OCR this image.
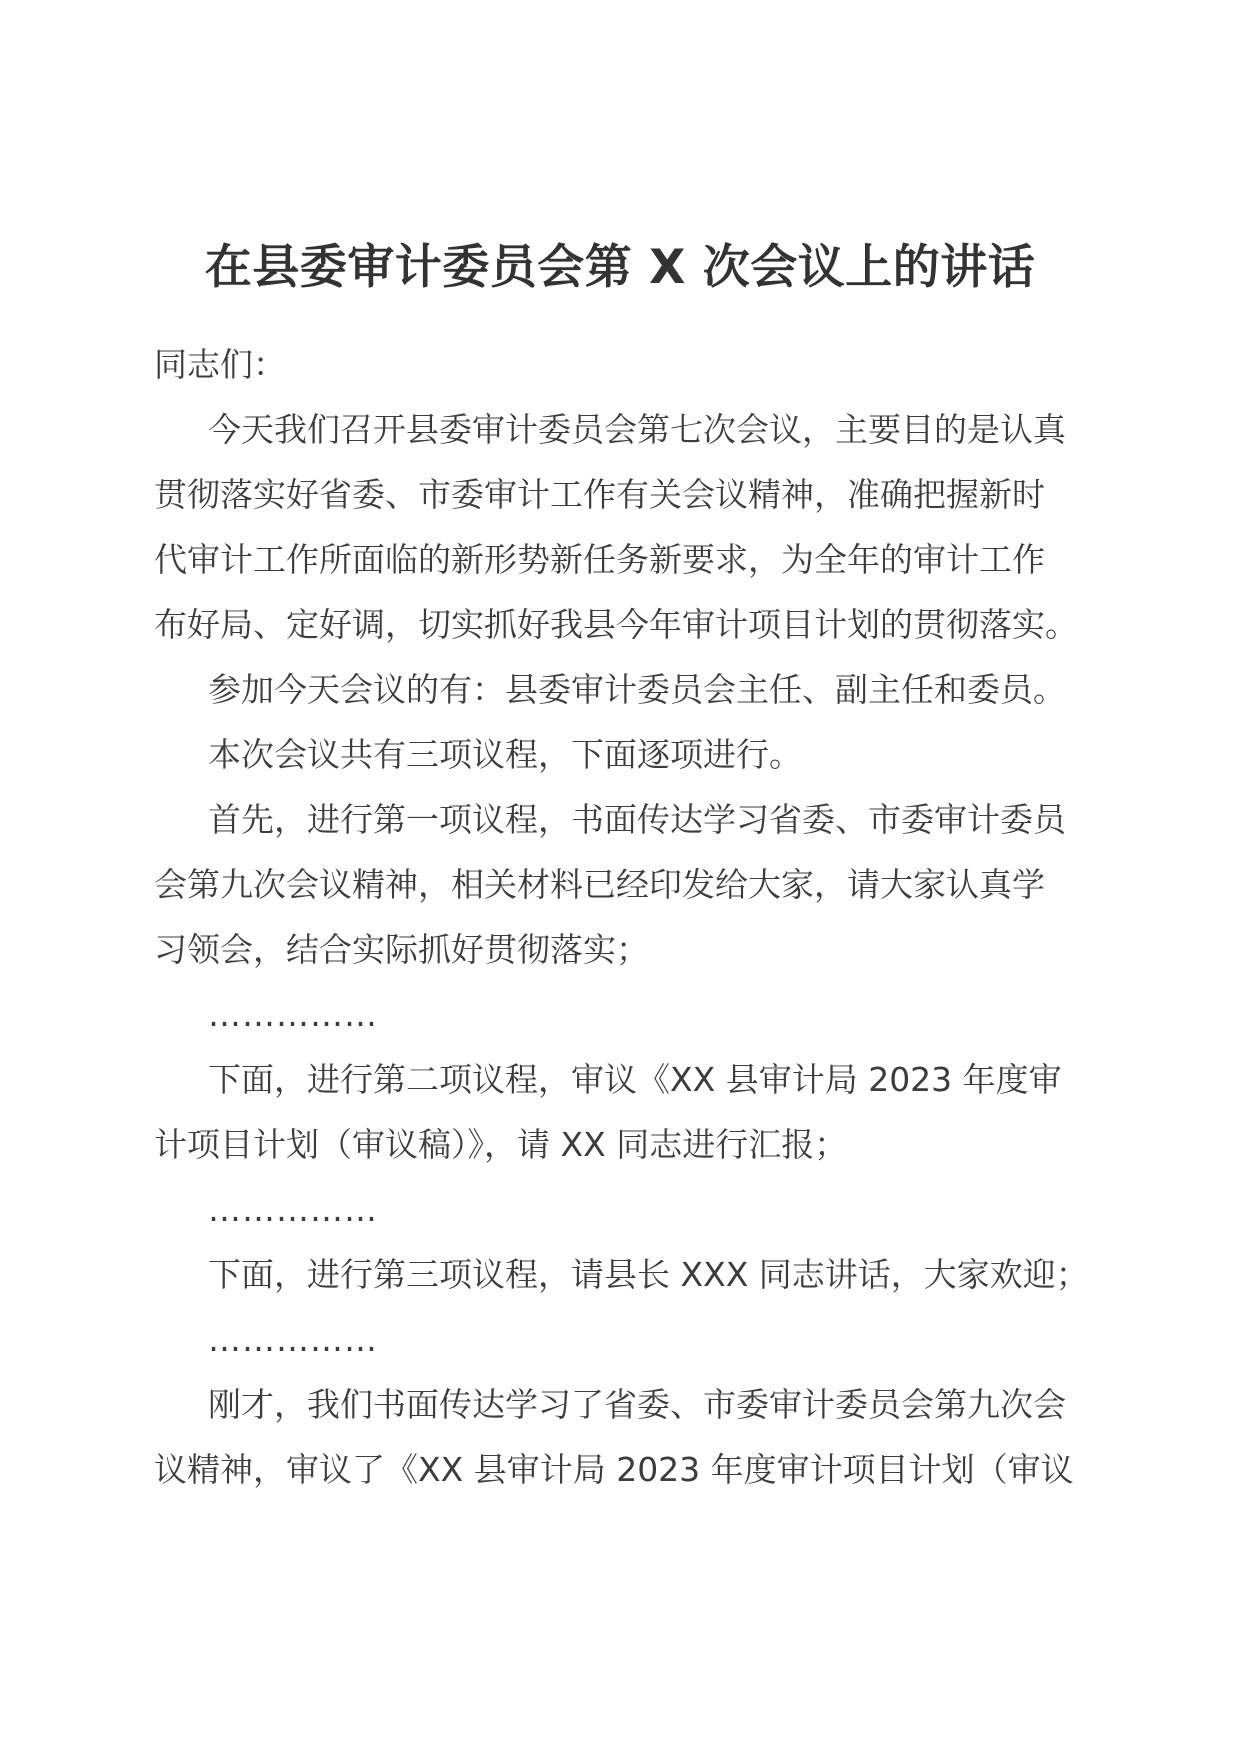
在县委审计委员会第 X 次会议上的讲话

同志们：

今天我们召开县委审计委员会第七次会议，主要目的是认真

贯彻落实好省委、市委审计工作有关会议精神，准确把握新时

代审计工作所面临的新形势新任务新要求，为全年的审计工作

布好局、定好调，切实抓好我县今年审计项目计划的贯彻落实。

参加今天会议的有：县委审计委员会主任、副主任和委员。

本次会议共有三项议程，下面逐项进行。

首先，进行第一项议程，书面传达学习省委、市委审计委员

会第九次会议精神，相关材料已经印发给大家，请大家认真学

习领会，结合实际抓好贯彻落实；

……………

下面，进行第二项议程，审议《XX 县审计局 2023 年度审

计项目计划（审议稿）》，请 XX 同志进行汇报；

……………

下面，进行第三项议程，请县长 XXX 同志讲话，大家欢迎；

……………

刚才，我们书面传达学习了省委、市委审计委员会第九次会

议精神，审议了《XX 县审计局 2023 年度审计项目计划（审议
